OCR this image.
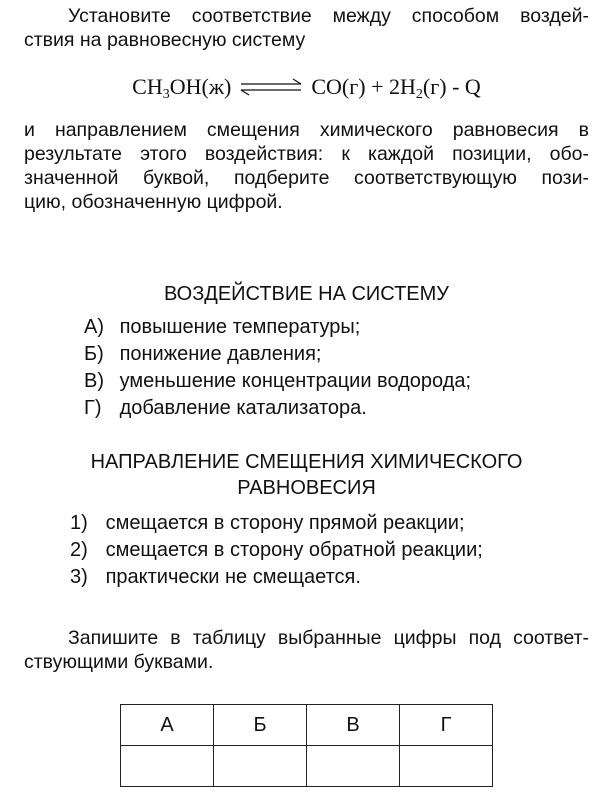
Установите соответствие между способом воздей-
ствия на равновесную систему
$CH_3OH(ж)$ ⇌ $CO(г) + 2H_2(г) - Q$
и направлением смещения химического равновесия в
результате этого воздействия: к каждой позиции, обо-
значенной буквой, подберите соответствующую пози-
цию, обозначенную цифрой.
ВОЗДЕЙСТВИЕ НА СИСТЕМУ
А) повышение температуры;
Б) понижение давления;
В) уменьшение концентрации водорода;
Г) добавление катализатора.
НАПРАВЛЕНИЕ СМЕЩЕНИЯ ХИМИЧЕСКОГО
РАВНОВЕСИЯ
1) смещается в сторону прямой реакции;
2) смещается в сторону обратной реакции;
3) практически не смещается.
Запишите в таблицу выбранные цифры под соответ-
ствующими буквами.
А	Б	В	Г
